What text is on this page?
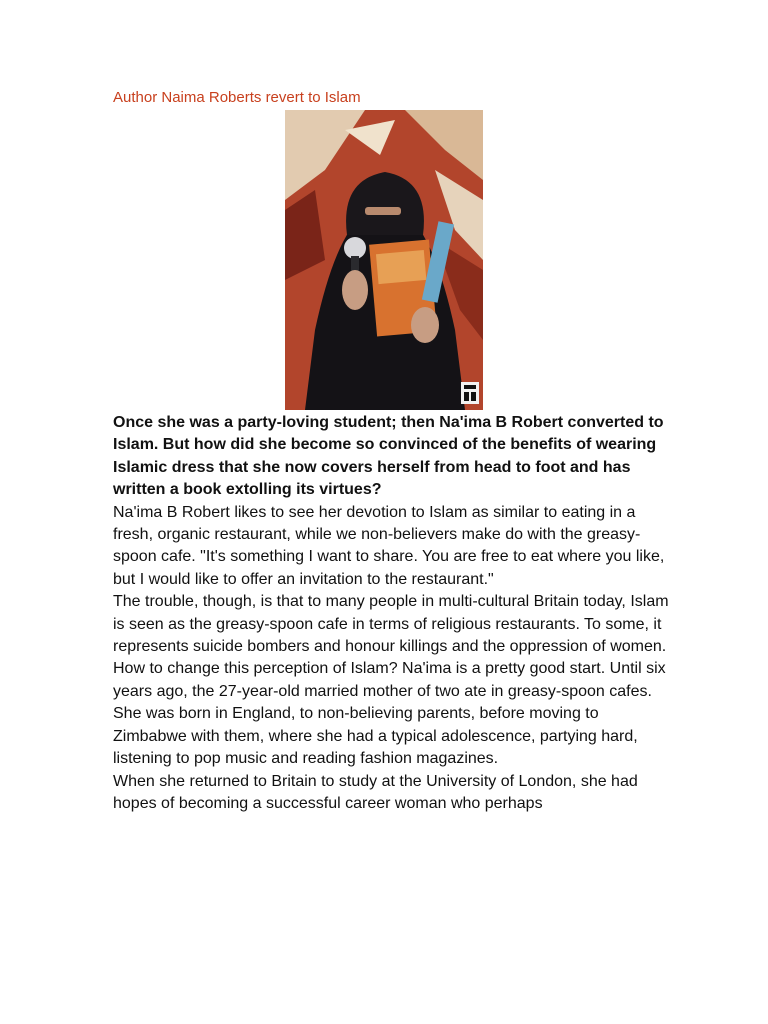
Author Naima Roberts revert to Islam

Once she was a party-loving student; then Na'ima B Robert converted to Islam. But how did she become so convinced of the benefits of wearing Islamic dress that she now covers herself from head to foot and has written a book extolling its virtues?

Na'ima B Robert likes to see her devotion to Islam as similar to eating in a fresh, organic restaurant, while we non-believers make do with the greasy-spoon cafe. "It's something I want to share. You are free to eat where you like, but I would like to offer an invitation to the restaurant."

The trouble, though, is that to many people in multi-cultural Britain today, Islam is seen as the greasy-spoon cafe in terms of religious restaurants. To some, it represents suicide bombers and honour killings and the oppression of women.

How to change this perception of Islam? Na'ima is a pretty good start. Until six years ago, the 27-year-old married mother of two ate in greasy-spoon cafes. She was born in England, to non-believing parents, before moving to Zimbabwe with them, where she had a typical adolescence, partying hard, listening to pop music and reading fashion magazines.

When she returned to Britain to study at the University of London, she had hopes of becoming a successful career woman who perhaps
